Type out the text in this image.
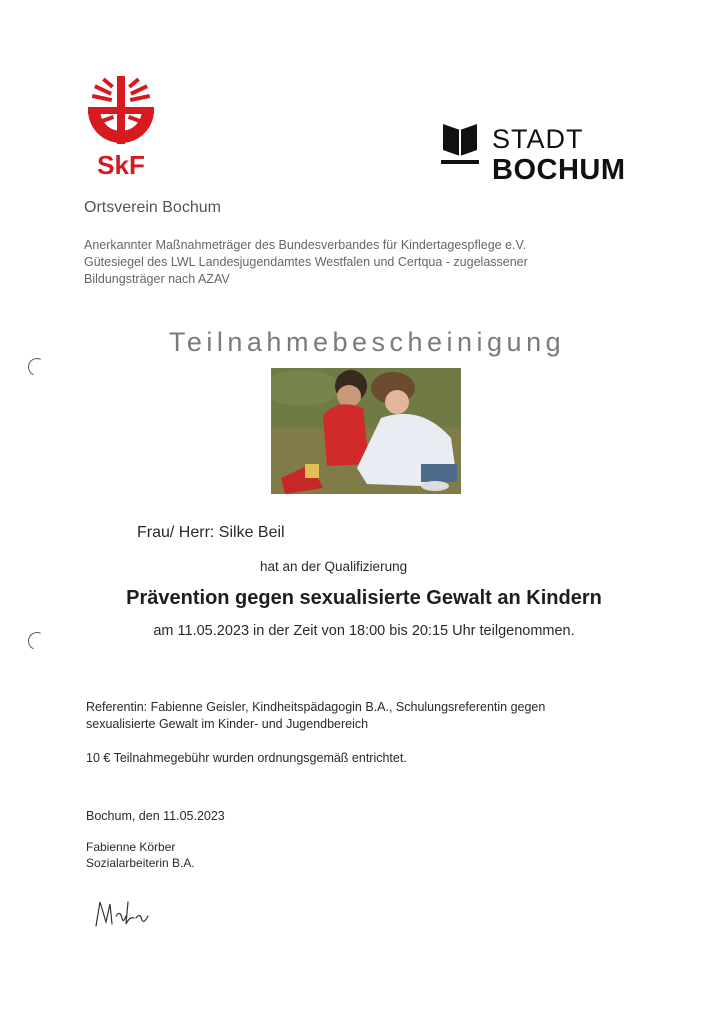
SkF
STADT
BOCHUM
Ortsverein Bochum
Anerkannter Maßnahmeträger des Bundesverbandes für Kindertagespflege e.V.
Gütesiegel des LWL Landesjugendamtes Westfalen und Certqua - zugelassener
Bildungsträger nach AZAV
Teilnahmebescheinigung
Frau/ Herr: Silke Beil
hat an der Qualifizierung
Prävention gegen sexualisierte Gewalt an Kindern
am 11.05.2023 in der Zeit von 18:00 bis 20:15 Uhr teilgenommen.
Referentin: Fabienne Geisler, Kindheitspädagogin B.A., Schulungsreferentin gegen
sexualisierte Gewalt im Kinder- und Jugendbereich
10 € Teilnahmegebühr wurden ordnungsgemäß entrichtet.
Bochum, den 11.05.2023
Fabienne Körber
Sozialarbeiterin B.A.
